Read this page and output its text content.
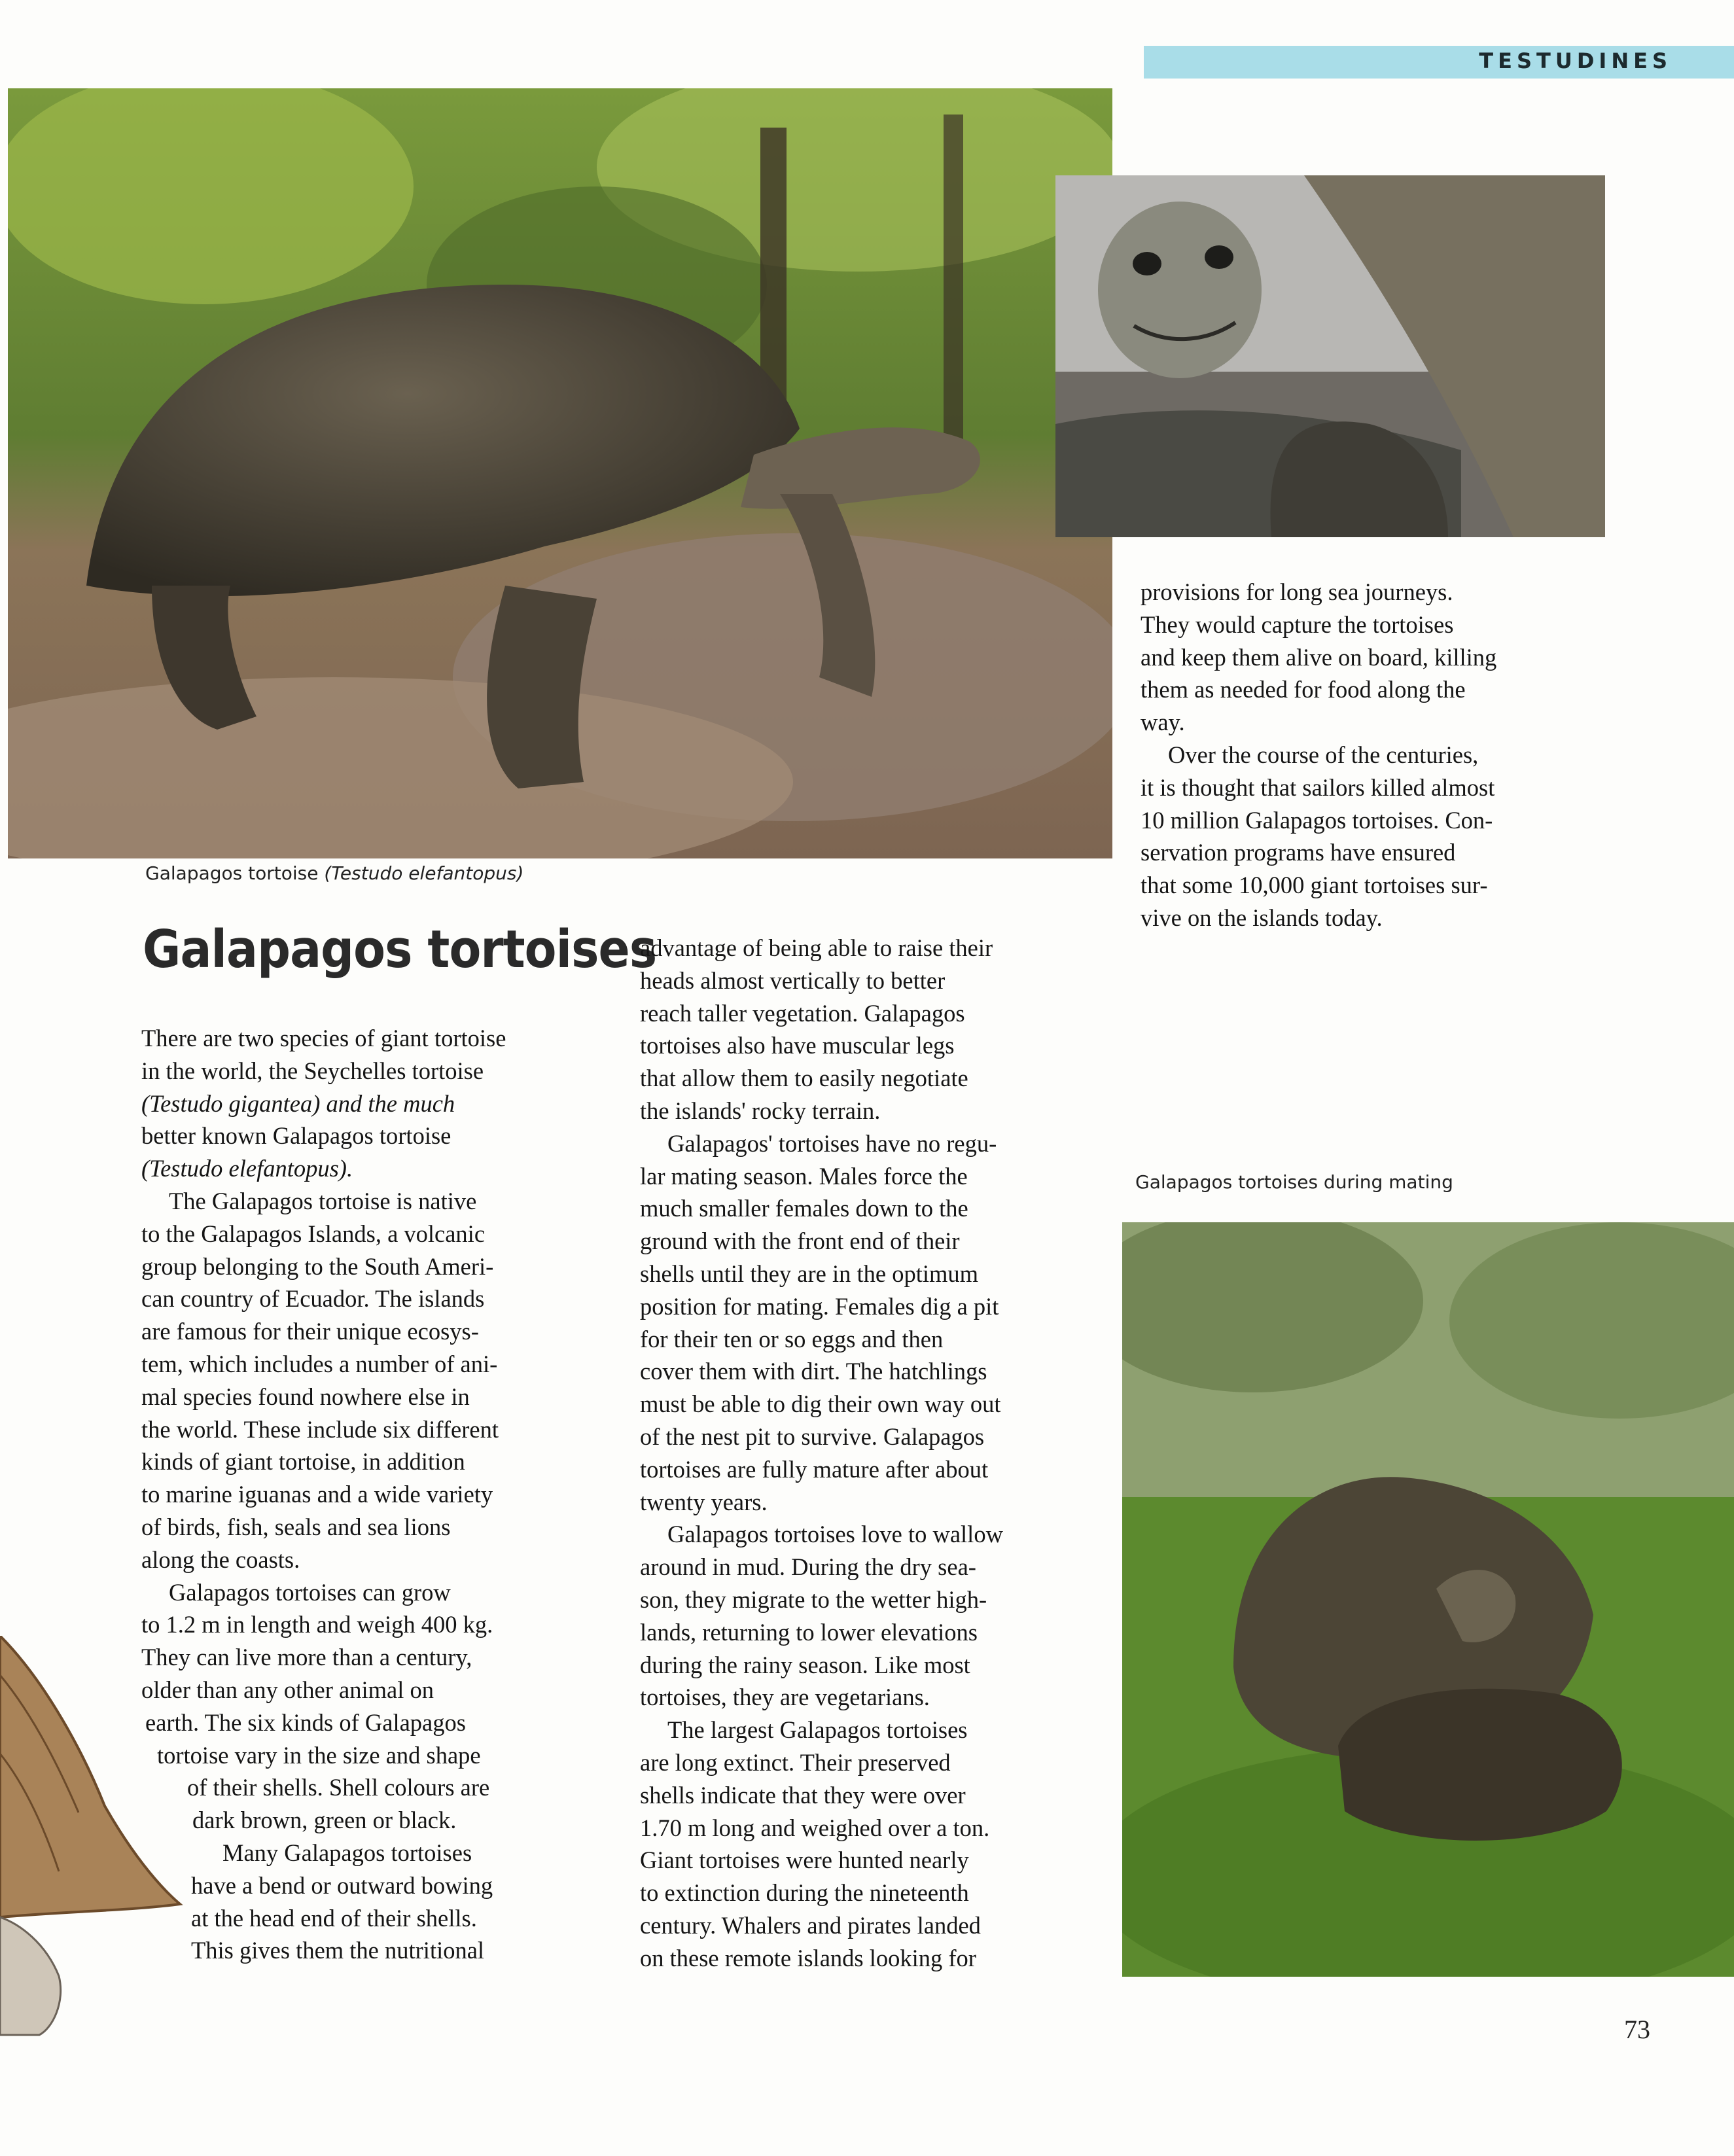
TESTUDINES
Galapagos tortoise (Testudo elefantopus)
Galapagos tortoises during mating
Galapagos tortoises
There are two species of giant tortoise
in the world, the Seychelles tortoise
(Testudo gigantea) and the much
better known Galapagos tortoise
(Testudo elefantopus).
The Galapagos tortoise is native
to the Galapagos Islands, a volcanic
group belonging to the South Ameri-
can country of Ecuador. The islands
are famous for their unique ecosys-
tem, which includes a number of ani-
mal species found nowhere else in
the world. These include six different
kinds of giant tortoise, in addition
to marine iguanas and a wide variety
of birds, fish, seals and sea lions
along the coasts.
Galapagos tortoises can grow
to 1.2 m in length and weigh 400 kg.
They can live more than a century,
older than any other animal on
earth. The six kinds of Galapagos
tortoise vary in the size and shape
of their shells. Shell colours are
dark brown, green or black.
Many Galapagos tortoises
have a bend or outward bowing
at the head end of their shells.
This gives them the nutritional
advantage of being able to raise their
heads almost vertically to better
reach taller vegetation. Galapagos
tortoises also have muscular legs
that allow them to easily negotiate
the islands' rocky terrain.
Galapagos' tortoises have no regu-
lar mating season. Males force the
much smaller females down to the
ground with the front end of their
shells until they are in the optimum
position for mating. Females dig a pit
for their ten or so eggs and then
cover them with dirt. The hatchlings
must be able to dig their own way out
of the nest pit to survive. Galapagos
tortoises are fully mature after about
twenty years.
Galapagos tortoises love to wallow
around in mud. During the dry sea-
son, they migrate to the wetter high-
lands, returning to lower elevations
during the rainy season. Like most
tortoises, they are vegetarians.
The largest Galapagos tortoises
are long extinct. Their preserved
shells indicate that they were over
1.70 m long and weighed over a ton.
Giant tortoises were hunted nearly
to extinction during the nineteenth
century. Whalers and pirates landed
on these remote islands looking for
provisions for long sea journeys.
They would capture the tortoises
and keep them alive on board, killing
them as needed for food along the
way.
Over the course of the centuries,
it is thought that sailors killed almost
10 million Galapagos tortoises. Con-
servation programs have ensured
that some 10,000 giant tortoises sur-
vive on the islands today.
73
